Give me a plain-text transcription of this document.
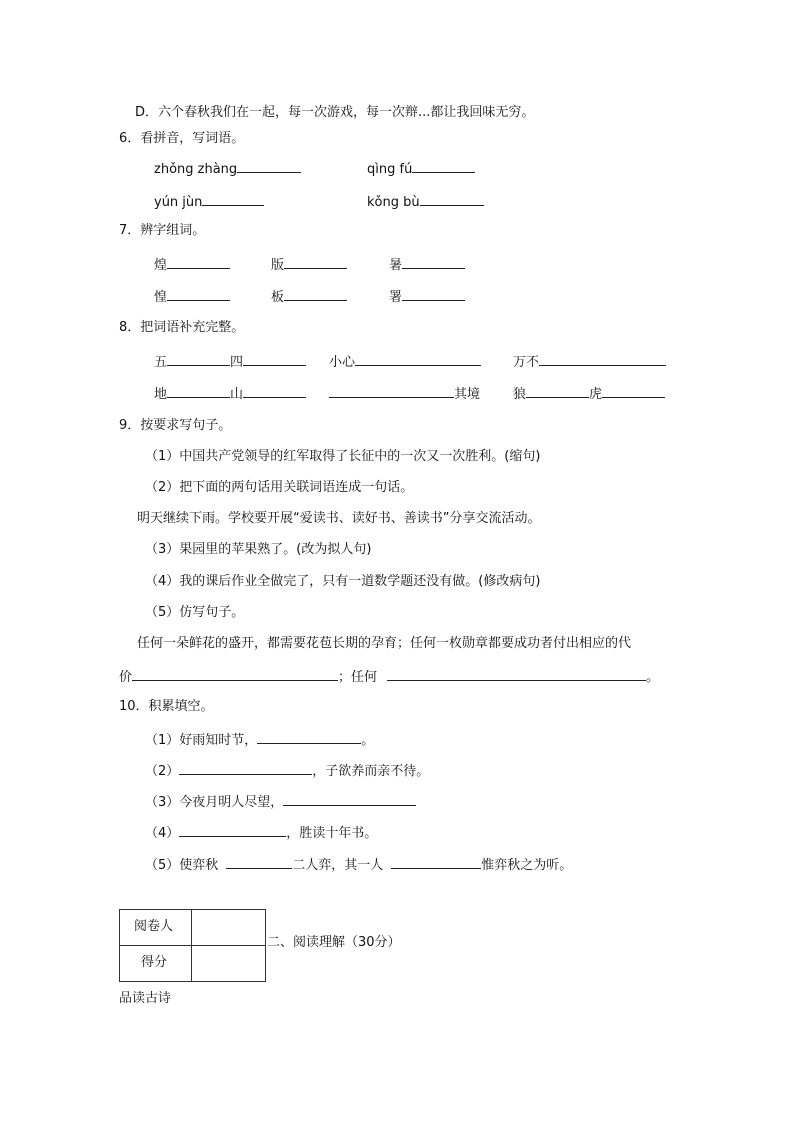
D．六个春秋我们在一起，每一次游戏，每一次辩...都让我回味无穷。
6．看拼音，写词语。
zhǒng zhàng	qìng fú
yún jùn	kǒng bù
7．辨字组词。
煌	版	暑
惶	板	署
8．把词语补充完整。
五	四	小心	万不
地	山	其境	狼	虎
9．按要求写句子。
（1）中国共产党领导的红军取得了长征中的一次又一次胜利。(缩句)
（2）把下面的两句话用关联词语连成一句话。
明天继续下雨。学校要开展“爱读书、读好书、善读书”分享交流活动。
（3）果园里的苹果熟了。(改为拟人句)
（4）我的课后作业全做完了，只有一道数学题还没有做。(修改病句)
（5）仿写句子。
任何一朵鲜花的盛开，都需要花苞长期的孕育；任何一枚勋章都要成功者付出相应的代
价	；任何	。
10．积累填空。
（1）好雨知时节，	。
（2）	，子欲养而亲不待。
（3）今夜月明人尽望，
（4）	，胜读十年书。
（5）使弈秋	二人弈，其一人	惟弈秋之为听。
阅卷人
得分
二、阅读理解（30分）
品读古诗
